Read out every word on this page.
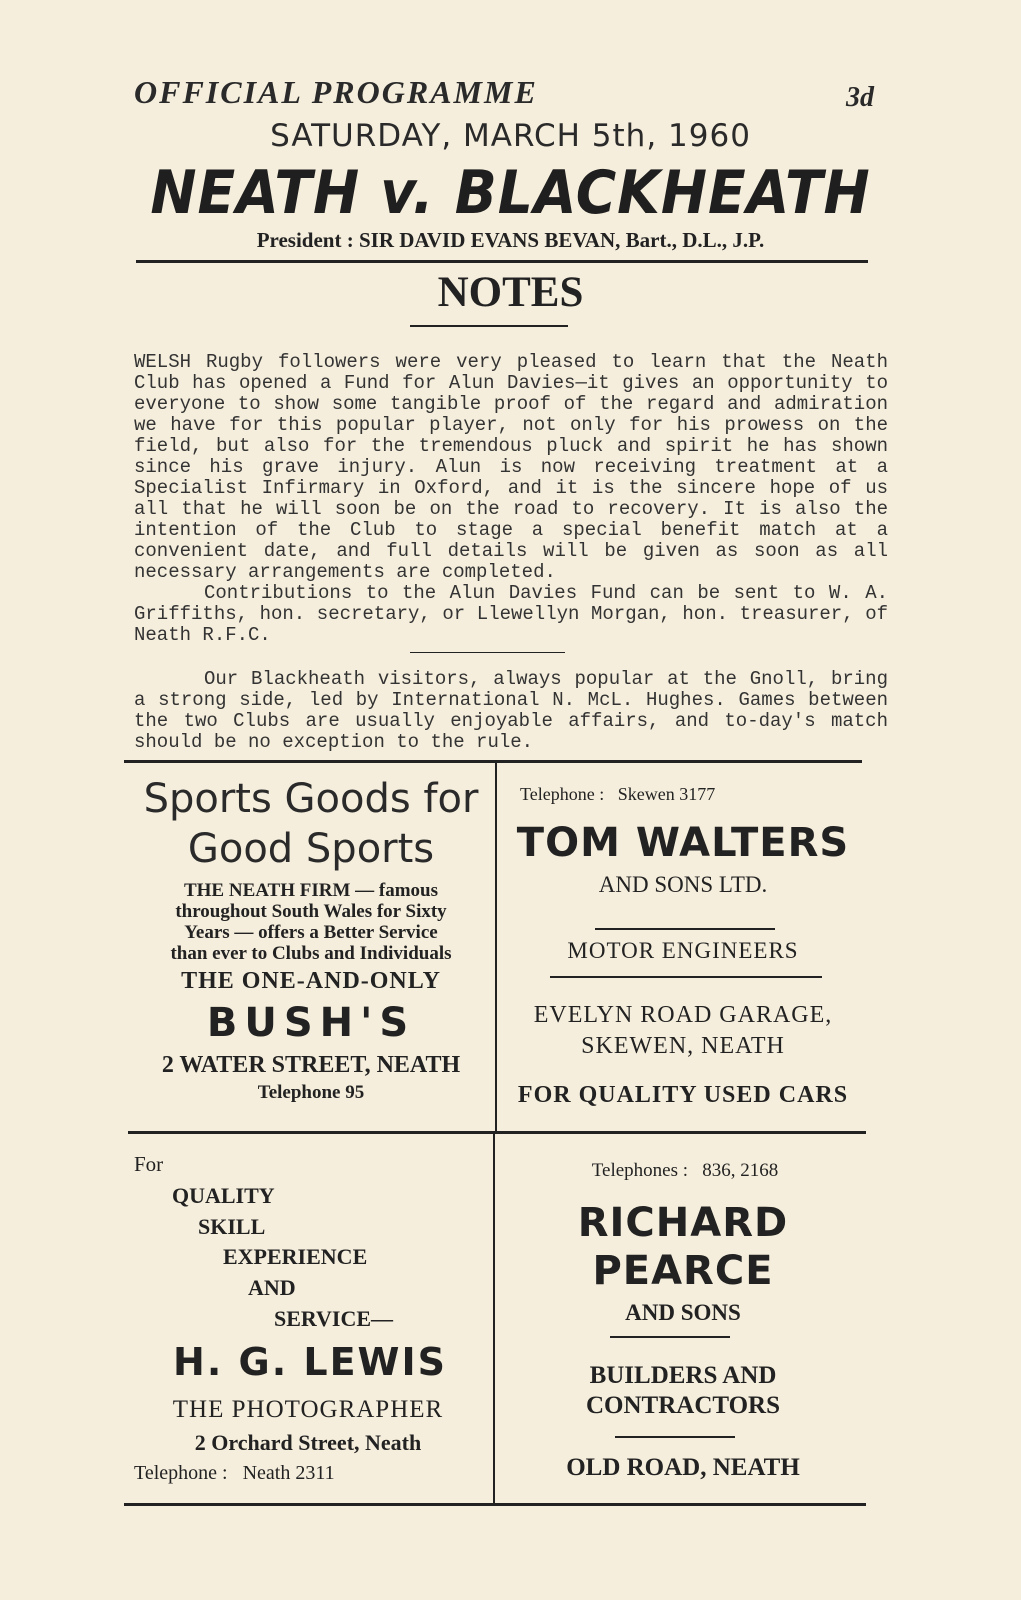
OFFICIAL PROGRAMME	3d
SATURDAY, MARCH 5th, 1960
NEATH v. BLACKHEATH
President : SIR DAVID EVANS BEVAN, Bart., D.L., J.P.
NOTES

WELSH Rugby followers were very pleased to learn that the Neath Club has opened a Fund for Alun Davies—it gives an opportunity to everyone to show some tangible proof of the regard and admiration we have for this popular player, not only for his prowess on the field, but also for the tremendous pluck and spirit he has shown since his grave injury. Alun is now receiving treatment at a Specialist Infirmary in Oxford, and it is the sincere hope of us all that he will soon be on the road to recovery. It is also the intention of the Club to stage a special benefit match at a convenient date, and full details will be given as soon as all necessary arrangements are completed.

Contributions to the Alun Davies Fund can be sent to W. A. Griffiths, hon. secretary, or Llewellyn Morgan, hon. treasurer, of Neath R.F.C.

Our Blackheath visitors, always popular at the Gnoll, bring a strong side, led by International N. McL. Hughes. Games between the two Clubs are usually enjoyable affairs, and to-day's match should be no exception to the rule.

Sports Goods for
Good Sports
THE NEATH FIRM — famous
throughout South Wales for Sixty
Years — offers a Better Service
than ever to Clubs and Individuals
THE ONE-AND-ONLY
BUSH'S
2 WATER STREET, NEATH
Telephone 95
Telephone :   Skewen 3177
TOM WALTERS
AND SONS LTD.
MOTOR ENGINEERS
EVELYN ROAD GARAGE,
SKEWEN, NEATH
FOR QUALITY USED CARS
For
QUALITY
SKILL
EXPERIENCE
AND
SERVICE—
H. G. LEWIS
THE PHOTOGRAPHER
2 Orchard Street, Neath
Telephone :   Neath 2311
Telephones :   836, 2168
RICHARD
PEARCE
AND SONS
BUILDERS AND
CONTRACTORS
OLD ROAD, NEATH
